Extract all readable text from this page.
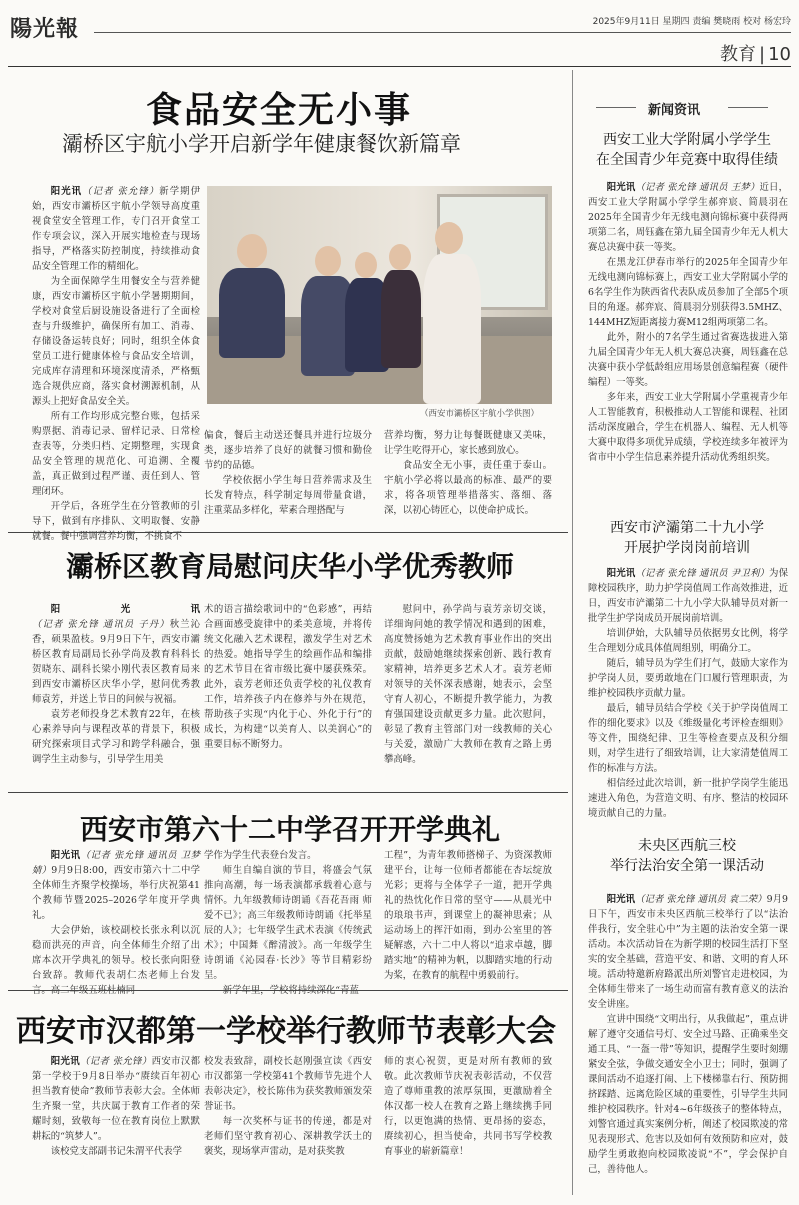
陽光報	2025年9月11日 星期四 责编 樊晓雨 校对 杨宏玲
教育 | 10
食品安全无小事
灞桥区宇航小学开启新学年健康餐饮新篇章

阳光讯（记者 张允锋）新学期伊始，西安市灞桥区宇航小学领导高度重视食堂安全管理工作，专门召开食堂工作专项会议，深入开展实地检查与现场指导，严格落实防控制度，持续推动食品安全管理工作的精细化。

为全面保障学生用餐安全与营养健康，西安市灞桥区宇航小学暑期期间，学校对食堂后厨设施设备进行了全面检查与升级维护，确保所有加工、消毒、存储设备运转良好；同时，组织全体食堂员工进行健康体检与食品安全培训，完成库存清理和环境深度清杀，严格甄选合规供应商，落实食材溯源机制，从源头上把好食品安全关。

所有工作均形成完整台账，包括采购票据、消毒记录、留样记录、日常检查表等，分类归档、定期整理，实现食品安全管理的规范化、可追溯、全覆盖，真正做到过程严谨、责任到人、管理闭环。

开学后，各班学生在分管教师的引导下，做到有序排队、文明取餐、安静就餐。餐中强调营养均衡，不挑食不

（西安市灞桥区宇航小学供图）

偏食，餐后主动送还餐具并进行垃圾分类，逐步培养了良好的就餐习惯和勤俭节约的品德。

学校依据小学生每日营养需求及生长发育特点，科学制定每周带量食谱，注重菜品多样化，荤素合理搭配与

营养均衡，努力让每餐既健康又美味，让学生吃得开心，家长感到放心。

食品安全无小事，责任重于泰山。宇航小学必将以最高的标准、最严的要求，将各项管理举措落实、落细、落深，以初心铸匠心，以使命护成长。

灞桥区教育局慰问庆华小学优秀教师

阳光讯（记者 张允锋 通讯员 子丹）秋兰沁香，硕果盈枝。9月9日下午，西安市灞桥区教育局副局长孙学尚及教育科科长贺晓东、副科长梁小刚代表区教育局来到西安市灞桥区庆华小学，慰问优秀教师袁芳，并送上节日的问候与祝福。

袁芳老师投身艺术教育22年，在核心素养导向与课程改革的背景下，积极研究探索项目式学习和跨学科融合，强调学生主动参与，引导学生用美

术的语言描绘歌词中的“色彩感”，再结合画面感受旋律中的柔美意境，并将传统文化融入艺术课程，激发学生对艺术的热爱。她指导学生的绘画作品和编排的艺术节目在省市级比赛中屡获殊荣。此外，袁芳老师还负责学校的礼仪教育工作，培养孩子内在修养与外在规范，帮助孩子实现“内化于心、外化于行”的成长，为构建“以美育人、以美润心”的重要目标不断努力。

慰问中，孙学尚与袁芳亲切交谈，详细询问她的教学情况和遇到的困难，高度赞扬她为艺术教育事业作出的突出贡献，鼓励她继续探索创新、践行教育家精神，培养更多艺术人才。袁芳老师对领导的关怀深表感谢，她表示，会坚守育人初心，不断提升教学能力，为教育强国建设贡献更多力量。此次慰问，彰显了教育主管部门对一线教师的关心与关爱，激励广大教师在教育之路上勇攀高峰。

西安市第六十二中学召开开学典礼

阳光讯（记者 张允锋 通讯员 卫梦婧）9月9日8:00，西安市第六十二中学全体师生齐聚学校操场，举行庆祝第41个教师节暨2025–2026学年度开学典礼。

大会伊始，该校副校长张永利以沉稳而洪亮的声音，向全体师生介绍了出席本次开学典礼的领导。校长张向阳登台致辞。教师代表胡仁杰老师上台发言。高二年级五班杜楠同

学作为学生代表登台发言。

师生自编自演的节目，将盛会气氛推向高潮，每一场表演都承载着心意与情怀。九年级教师诗朗诵《吾花吾雨 师爱不已》；高三年级教师诗朗诵《托举星辰的人》；七年级学生武术表演《传统武术》；中国舞《醉清波》。高一年级学生诗朗诵《沁园春·长沙》等节目精彩纷呈。

新学年里，学校将持续深化“青蓝

工程”，为青年教师搭梯子、为资深教师建平台，让每一位师者都能在杏坛绽放光彩；更将与全体学子一道，把开学典礼的热忱化作日常的坚守——从晨光中的琅琅书声，到课堂上的凝神思索；从运动场上的挥汗如雨，到办公室里的答疑解惑，六十二中人将以“追求卓越，脚踏实地”的精神为帆，以脚踏实地的行动为桨，在教育的航程中勇毅前行。

西安市汉都第一学校举行教师节表彰大会

阳光讯（记者 张允锋）西安市汉都第一学校于9月8日举办“赓续百年初心 担当教育使命”教师节表彰大会。全体师生齐聚一堂，共庆属于教育工作者的荣耀时刻，致敬每一位在教育岗位上默默耕耘的“筑梦人”。

该校党支部副书记朱渭平代表学

校发表致辞，副校长赵刚强宣读《西安市汉都第一学校第41个教师节先进个人表彰决定》，校长陈伟为获奖教师颁发荣誉证书。

每一次奖杯与证书的传递，都是对老师们坚守教育初心、深耕教学沃土的褒奖，现场掌声雷动，是对获奖教

师的衷心祝贺，更是对所有教师的致敬。此次教师节庆祝表彰活动，不仅营造了尊师重教的浓厚氛围，更激励着全体汉都一校人在教育之路上继续携手同行，以更饱满的热情、更昂扬的姿态，赓续初心，担当使命，共同书写学校教育事业的崭新篇章！

新闻资讯
西安工业大学附属小学学生
在全国青少年竞赛中取得佳绩

阳光讯（记者 张允锋 通讯员 王梦）近日，西安工业大学附属小学学生郝弈宸、简晨羽在2025年全国青少年无线电测向锦标赛中获得两项第二名，周钰鑫在第九届全国青少年无人机大赛总决赛中获一等奖。

在黑龙江伊春市举行的2025年全国青少年无线电测向锦标赛上，西安工业大学附属小学的6名学生作为陕西省代表队成员参加了全部5个项目的角逐。郝弈宸、简晨羽分别获得3.5MHZ、144MHZ短距离接力赛M12组两项第二名。

此外，附小的7名学生通过省赛选拔进入第九届全国青少年无人机大赛总决赛，周钰鑫在总决赛中获小学低龄组应用场景创意编程赛（硬件编程）一等奖。

多年来，西安工业大学附属小学重视青少年人工智能教育，积极推动人工智能和课程、社团活动深度融合，学生在机器人、编程、无人机等大赛中取得多项优异成绩，学校连续多年被评为省市中小学生信息素养提升活动优秀组织奖。

西安市浐灞第二十九小学
开展护学岗岗前培训

阳光讯（记者 张允锋 通讯员 尹卫利）为保障校园秩序，助力护学岗值周工作高效推进，近日，西安市浐灞第二十九小学大队辅导员对新一批学生护学岗成员开展岗前培训。

培训伊始，大队辅导员依据男女比例，将学生合理划分成具体值周组别，明确分工。

随后，辅导员为学生们打气，鼓励大家作为护学岗人员，要勇敢地在门口履行管理职责，为维护校园秩序贡献力量。

最后，辅导员结合学校《关于护学岗值周工作的细化要求》以及《维级量化考评检查细则》等文件，围绕纪律、卫生等检查要点及积分细则，对学生进行了细致培训，让大家清楚值周工作的标准与方法。

相信经过此次培训，新一批护学岗学生能迅速进入角色，为营造文明、有序、整洁的校园环境贡献自己的力量。

未央区西航三校
举行法治安全第一课活动

阳光讯（记者 张允锋 通讯员 袁二荣）9月9日下午，西安市未央区西航三校举行了以“法治伴我行，安全驻心中”为主题的法治安全第一课活动。本次活动旨在为新学期的校园生活打下坚实的安全基础，营造平安、和谐、文明的育人环境。活动特邀新府路派出所刘警官走进校园，为全体师生带来了一场生动而富有教育意义的法治安全讲座。

宣讲中围绕“文明出行，从我做起”，重点讲解了遵守交通信号灯、安全过马路、正确乘坐交通工具、“一盔一带”等知识，提醒学生要时刻绷紧安全弦，争做交通安全小卫士；同时，强调了课间活动不追逐打闹、上下楼梯靠右行、预防拥挤踩踏、远离危险区域的重要性，引导学生共同维护校园秩序。针对4~6年级孩子的整体特点，刘警官通过真实案例分析，阐述了校园欺凌的常见表现形式、危害以及如何有效预防和应对，鼓励学生勇敢抱向校园欺凌说“不”，学会保护自己，善待他人。
